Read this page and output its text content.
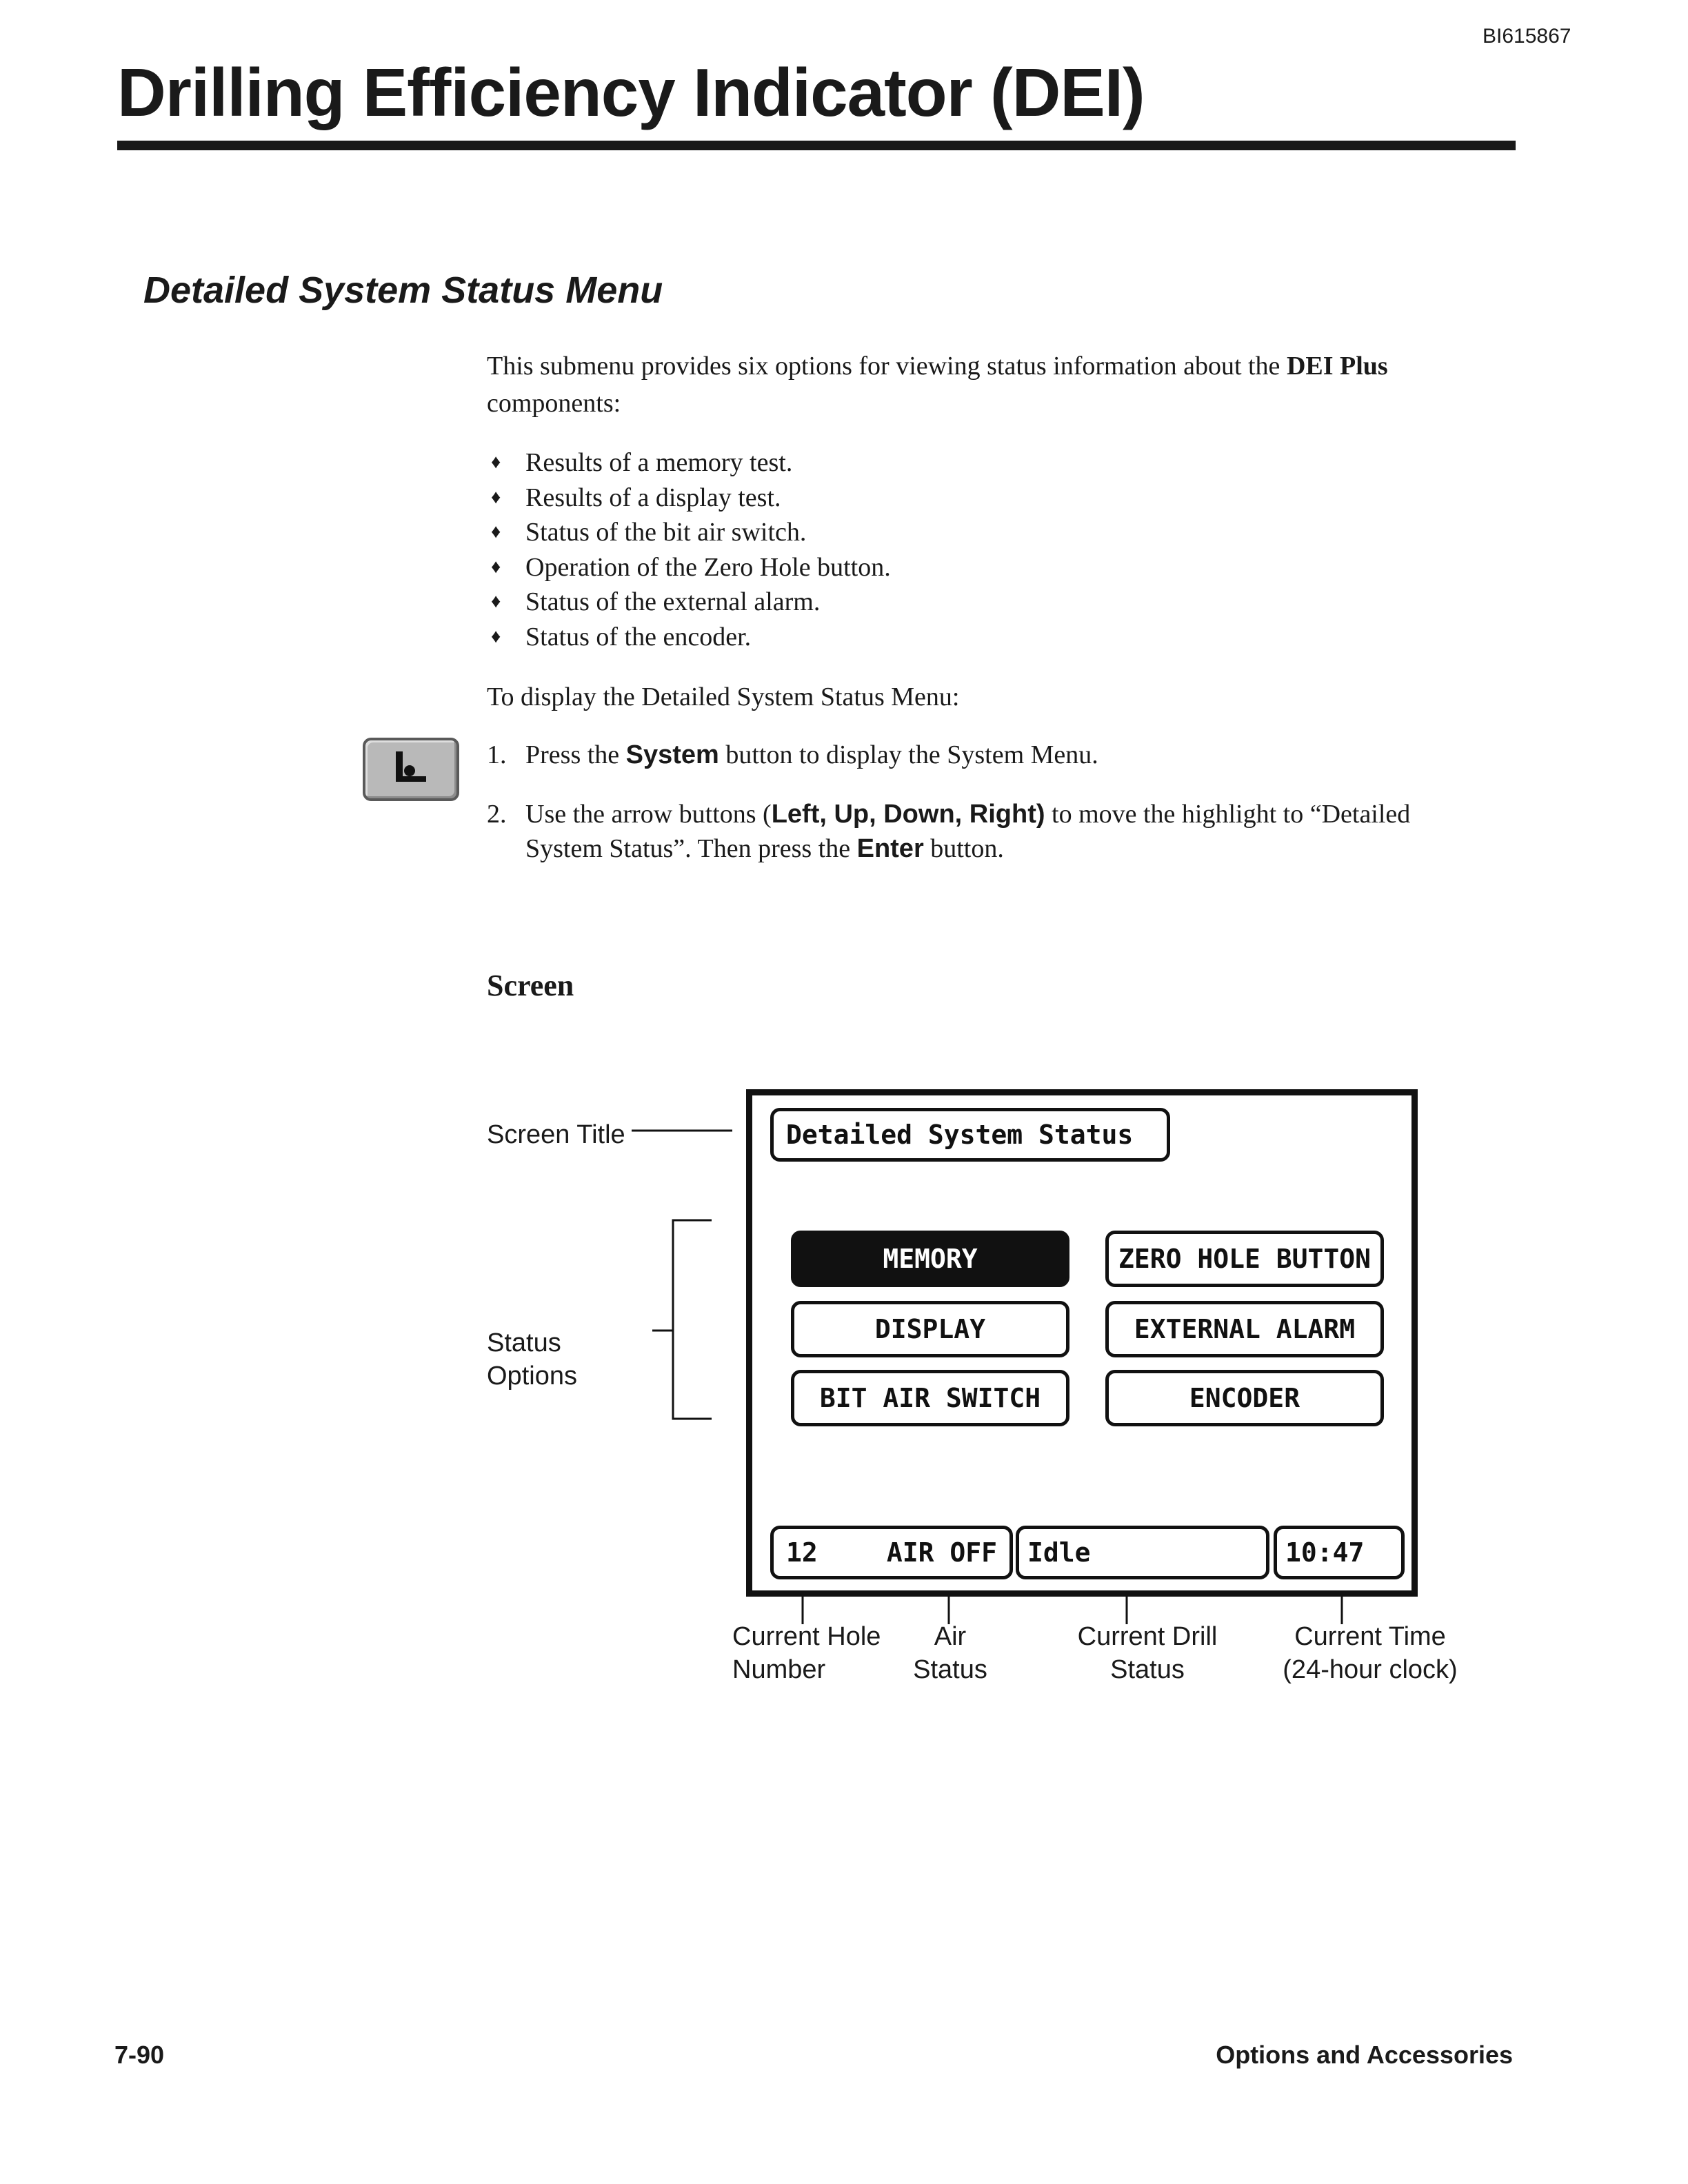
BI615867
Drilling Efficiency Indicator (DEI)
Detailed System Status Menu

This submenu provides six options for viewing status information about the DEI Plus components:

♦ Results of a memory test.
♦ Results of a display test.
♦ Status of the bit air switch.
♦ Operation of the Zero Hole button.
♦ Status of the external alarm.
♦ Status of the encoder.

To display the Detailed System Status Menu:

1. Press the System button to display the System Menu.
2. Use the arrow buttons (Left, Up, Down, Right) to move the highlight to “Detailed System Status”. Then press the Enter button.
Screen
Screen Title
Status
Options
Current Hole
Number
Air
Status
Current Drill
Status
Current Time
(24-hour clock)
Detailed System Status
MEMORY	ZERO HOLE BUTTON
DISPLAY	EXTERNAL ALARM
BIT AIR SWITCH	ENCODER
12	AIR OFF	Idle	10:47
7-90	Options and Accessories
